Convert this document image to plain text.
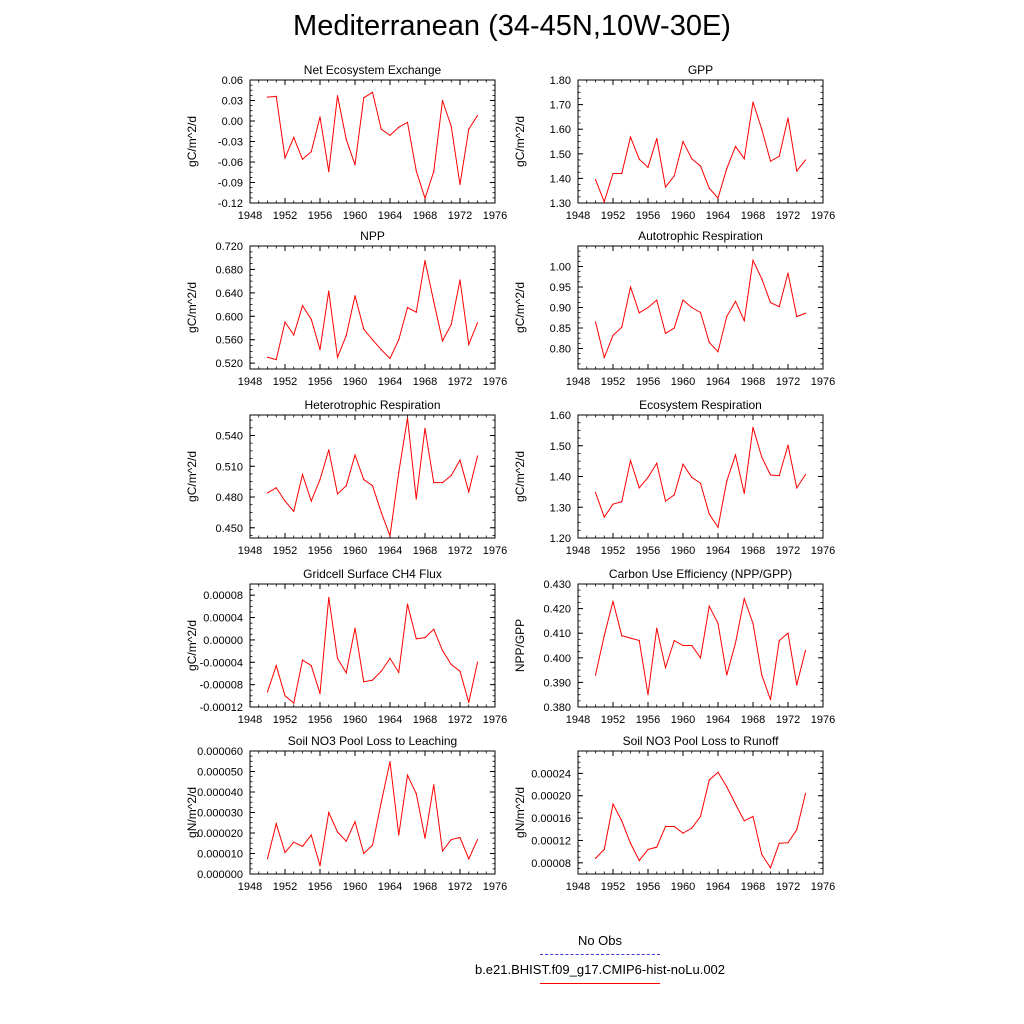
Mediterranean (34-45N,10W-30E)
Net Ecosystem Exchange
gC/m^2/d
1948 1952 1956 1960 1964 1968 1972 1976
-0.12
-0.09
-0.06
-0.03
0.00
0.03
0.06
GPP
gC/m^2/d
1948 1952 1956 1960 1964 1968 1972 1976
1.30
1.40
1.50
1.60
1.70
1.80
NPP
gC/m^2/d
1948 1952 1956 1960 1964 1968 1972 1976
0.520
0.560
0.600
0.640
0.680
0.720
Autotrophic Respiration
gC/m^2/d
1948 1952 1956 1960 1964 1968 1972 1976
0.80
0.85
0.90
0.95
1.00
Heterotrophic Respiration
gC/m^2/d
1948 1952 1956 1960 1964 1968 1972 1976
0.450
0.480
0.510
0.540
Ecosystem Respiration
gC/m^2/d
1948 1952 1956 1960 1964 1968 1972 1976
1.20
1.30
1.40
1.50
1.60
Gridcell Surface CH4 Flux
gC/m^2/d
1948 1952 1956 1960 1964 1968 1972 1976
-0.00012
-0.00008
-0.00004
0.00000
0.00004
0.00008
Carbon Use Efficiency (NPP/GPP)
NPP/GPP
1948 1952 1956 1960 1964 1968 1972 1976
0.380
0.390
0.400
0.410
0.420
0.430
Soil NO3 Pool Loss to Leaching
gN/m^2/d
1948 1952 1956 1960 1964 1968 1972 1976
0.000000
0.000010
0.000020
0.000030
0.000040
0.000050
0.000060
Soil NO3 Pool Loss to Runoff
gN/m^2/d
1948 1952 1956 1960 1964 1968 1972 1976
0.00008
0.00012
0.00016
0.00020
0.00024
No Obs
b.e21.BHIST.f09_g17.CMIP6-hist-noLu.002
